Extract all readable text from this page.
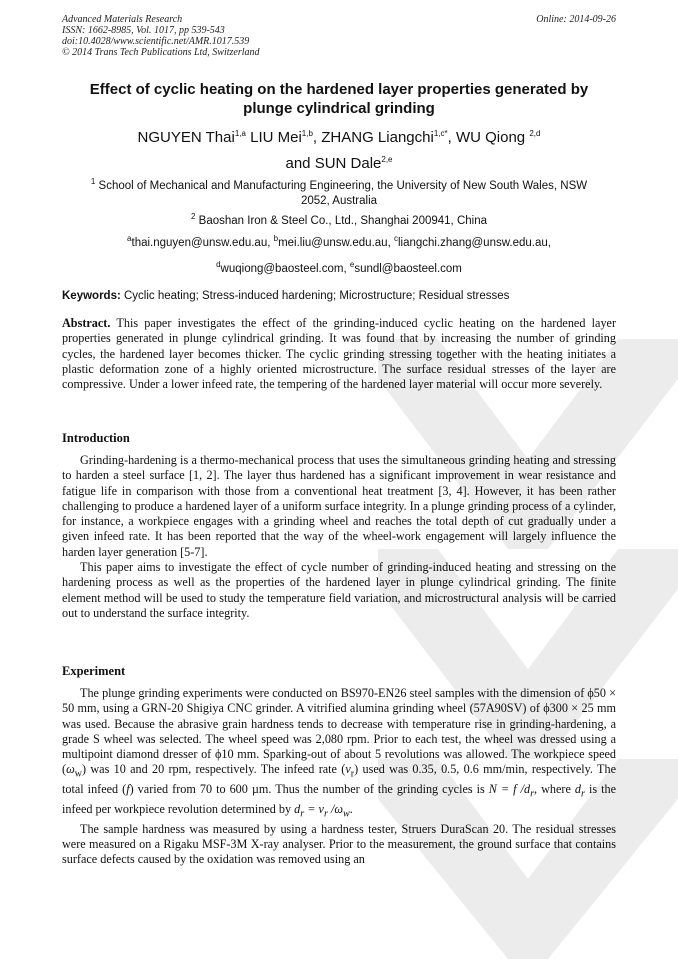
Advanced Materials Research
ISSN: 1662-8985, Vol. 1017, pp 539-543
doi:10.4028/www.scientific.net/AMR.1017.539
© 2014 Trans Tech Publications Ltd, Switzerland
Online: 2014-09-26
Effect of cyclic heating on the hardened layer properties generated by
plunge cylindrical grinding
NGUYEN Thai$^{1,a}$ LIU Mei$^{1,b}$, ZHANG Liangchi$^{1,c*}$, WU Qiong $^{2,d}$
and SUN Dale$^{2,e}$
$^1$ School of Mechanical and Manufacturing Engineering, the University of New South Wales, NSW
2052, Australia
$^2$ Baoshan Iron & Steel Co., Ltd., Shanghai 200941, China
$^a$thai.nguyen@unsw.edu.au, $^b$mei.liu@unsw.edu.au, $^c$liangchi.zhang@unsw.edu.au,
$^d$wuqiong@baosteel.com, $^e$sundl@baosteel.com
Keywords: Cyclic heating; Stress-induced hardening; Microstructure; Residual stresses

Abstract. This paper investigates the effect of the grinding-induced cyclic heating on the hardened layer properties generated in plunge cylindrical grinding. It was found that by increasing the number of grinding cycles, the hardened layer becomes thicker. The cyclic grinding stressing together with the heating initiates a plastic deformation zone of a highly oriented microstructure. The surface residual stresses of the layer are compressive. Under a lower infeed rate, the tempering of the hardened layer material will occur more severely.

Introduction

Grinding-hardening is a thermo-mechanical process that uses the simultaneous grinding heating and stressing to harden a steel surface [1, 2]. The layer thus hardened has a significant improvement in wear resistance and fatigue life in comparison with those from a conventional heat treatment [3, 4]. However, it has been rather challenging to produce a hardened layer of a uniform surface integrity. In a plunge grinding process of a cylinder, for instance, a workpiece engages with a grinding wheel and reaches the total depth of cut gradually under a given infeed rate. It has been reported that the way of the wheel-work engagement will largely influence the harden layer generation [5-7].

This paper aims to investigate the effect of cycle number of grinding-induced heating and stressing on the hardening process as well as the properties of the hardened layer in plunge cylindrical grinding. The finite element method will be used to study the temperature field variation, and microstructural analysis will be carried out to understand the surface integrity.

Experiment

The plunge grinding experiments were conducted on BS970-EN26 steel samples with the dimension of ϕ50 × 50 mm, using a GRN-20 Shigiya CNC grinder. A vitrified alumina grinding wheel (57A90SV) of ϕ300 × 25 mm was used. Because the abrasive grain hardness tends to decrease with temperature rise in grinding-hardening, a grade S wheel was selected. The wheel speed was 2,080 rpm. Prior to each test, the wheel was dressed using a multipoint diamond dresser of ϕ10 mm. Sparking-out of about 5 revolutions was allowed. The workpiece speed $(\omega_w)$ was 10 and 20 rpm, respectively. The infeed rate $(v_r)$ used was 0.35, 0.5, 0.6 mm/min, respectively. The total infeed (f) varied from 70 to 600 µm. Thus the number of the grinding cycles is N = f $/d_r$, where $d_r$ is the infeed per workpiece revolution determined by $d_r = v_r$ $/\omega_w$.

The sample hardness was measured by using a hardness tester, Struers DuraScan 20. The residual stresses were measured on a Rigaku MSF-3M X-ray analyser. Prior to the measurement, the ground surface that contains surface defects caused by the oxidation was removed using an
